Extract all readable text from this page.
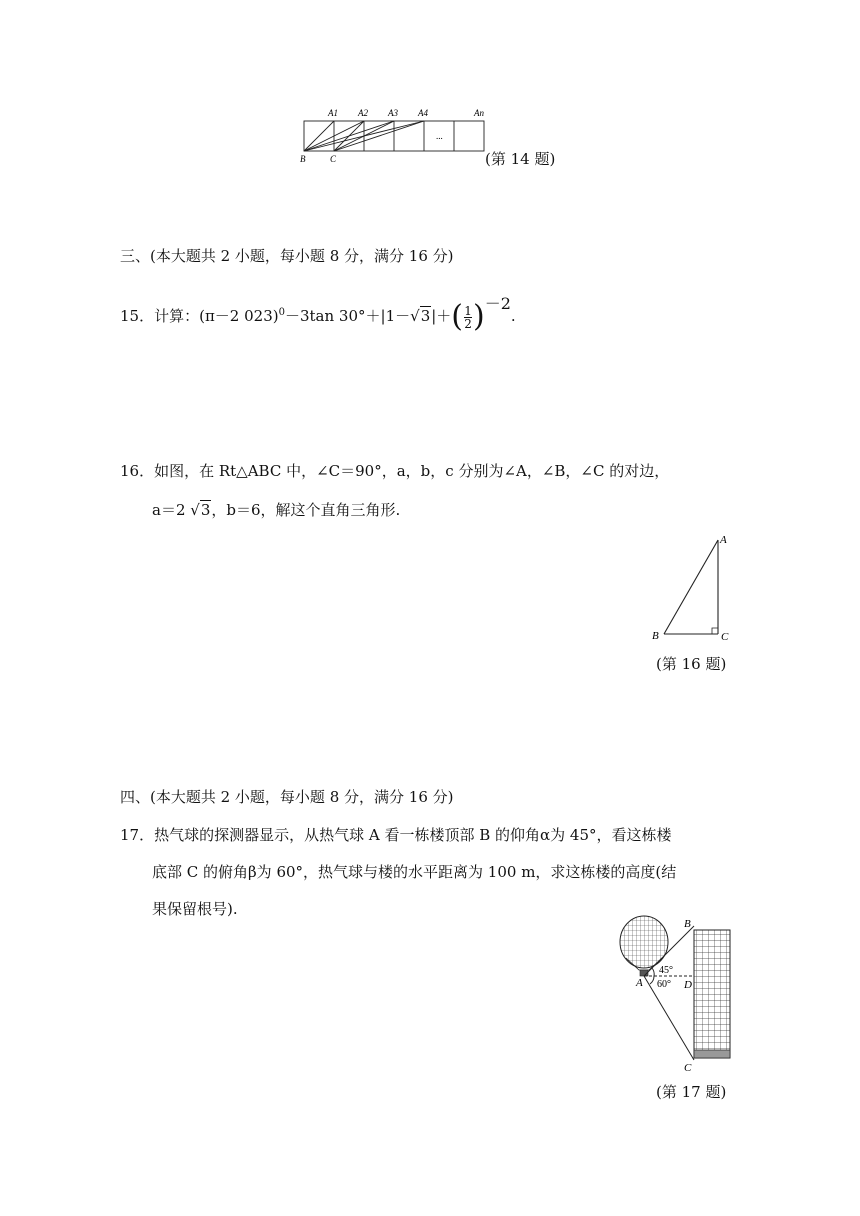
A1 A2 A3 A4	An
...
B	C	(第 14 题)
三、(本大题共 2 小题，每小题 8 分，满分 16 分)
15．计算：(π－2 023)$^0$－3tan $30^\circ+|1-√3|+( \frac{1}{2} )^{-2}$.
16．如图，在 Rt△ABC 中，∠C＝90°，a，b，c 分别为∠A，∠B，∠C 的对边，
a＝2 √3，b＝6，解这个直角三角形.
A
B	C
(第 16 题)
四、(本大题共 2 小题，每小题 8 分，满分 16 分)
17．热气球的探测器显示，从热气球 A 看一栋楼顶部 B 的仰角α为 45°，看这栋楼
底部 C 的俯角β为 60°，热气球与楼的水平距离为 100 m，求这栋楼的高度(结
果保留根号).
A
B
C
D
45°
60°
(第 17 题)
